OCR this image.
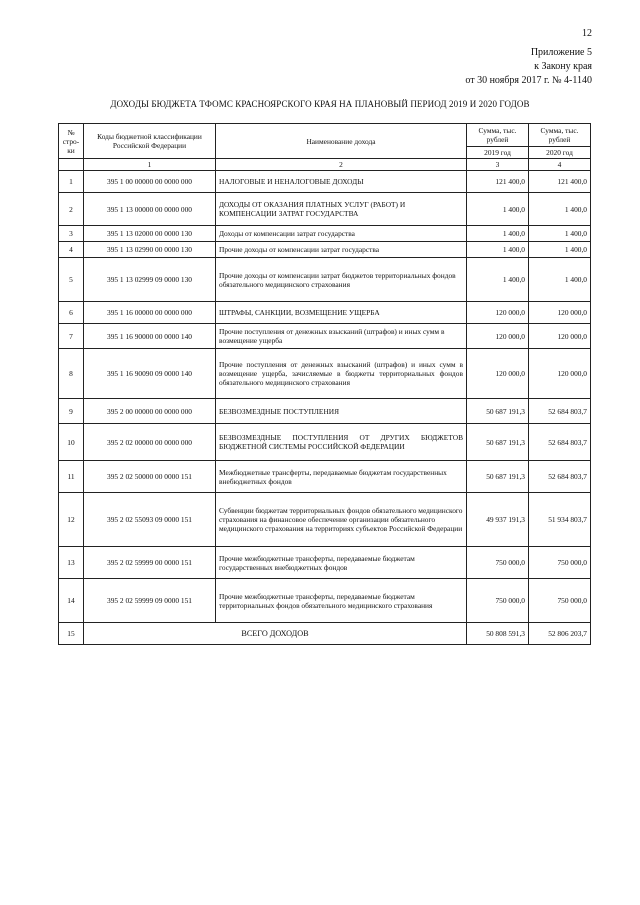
12
Приложение 5
к Закону края
от 30 ноября 2017 г. № 4-1140
ДОХОДЫ БЮДЖЕТА ТФОМС КРАСНОЯРСКОГО КРАЯ НА ПЛАНОВЫЙ ПЕРИОД 2019 И 2020 ГОДОВ
№ стро-ки	Коды бюджетной классификации Российской Федерации	Наименование дохода	Сумма, тыс. рублей	Сумма, тыс. рублей
			2019 год	2020 год
	1	2	3	4
1	395 1 00 00000 00 0000 000	НАЛОГОВЫЕ И НЕНАЛОГОВЫЕ ДОХОДЫ	121 400,0	121 400,0
2	395 1 13 00000 00 0000 000	ДОХОДЫ ОТ ОКАЗАНИЯ ПЛАТНЫХ УСЛУГ (РАБОТ) И КОМПЕНСАЦИИ ЗАТРАТ ГОСУДАРСТВА	1 400,0	1 400,0
3	395 1 13 02000 00 0000 130	Доходы от компенсации затрат государства	1 400,0	1 400,0
4	395 1 13 02990 00 0000 130	Прочие доходы от компенсации затрат государства	1 400,0	1 400,0
5	395 1 13 02999 09 0000 130	Прочие доходы от компенсации затрат бюджетов территориальных фондов обязательного медицинского страхования	1 400,0	1 400,0
6	395 1 16 00000 00 0000 000	ШТРАФЫ, САНКЦИИ, ВОЗМЕЩЕНИЕ УЩЕРБА	120 000,0	120 000,0
7	395 1 16 90000 00 0000 140	Прочие поступления от денежных взысканий (штрафов) и иных сумм в возмещение ущерба	120 000,0	120 000,0
8	395 1 16 90090 09 0000 140	Прочие поступления от денежных взысканий (штрафов) и иных сумм в возмещение ущерба, зачисляемые в бюджеты территориальных фондов обязательного медицинского страхования	120 000,0	120 000,0
9	395 2 00 00000 00 0000 000	БЕЗВОЗМЕЗДНЫЕ ПОСТУПЛЕНИЯ	50 687 191,3	52 684 803,7
10	395 2 02 00000 00 0000 000	БЕЗВОЗМЕЗДНЫЕ ПОСТУПЛЕНИЯ ОТ ДРУГИХ БЮДЖЕТОВ БЮДЖЕТНОЙ СИСТЕМЫ РОССИЙСКОЙ ФЕДЕРАЦИИ	50 687 191,3	52 684 803,7
11	395 2 02 50000 00 0000 151	Межбюджетные трансферты, передаваемые бюджетам государственных внебюджетных фондов	50 687 191,3	52 684 803,7
12	395 2 02 55093 09 0000 151	Субвенции бюджетам территориальных фондов обязательного медицинского страхования на финансовое обеспечение организации обязательного медицинского страхования на территориях субъектов Российской Федерации	49 937 191,3	51 934 803,7
13	395 2 02 59999 00 0000 151	Прочие межбюджетные трансферты, передаваемые бюджетам государственных внебюджетных фондов	750 000,0	750 000,0
14	395 2 02 59999 09 0000 151	Прочие межбюджетные трансферты, передаваемые бюджетам территориальных фондов обязательного медицинского страхования	750 000,0	750 000,0
15	ВСЕГО ДОХОДОВ		50 808 591,3	52 806 203,7
